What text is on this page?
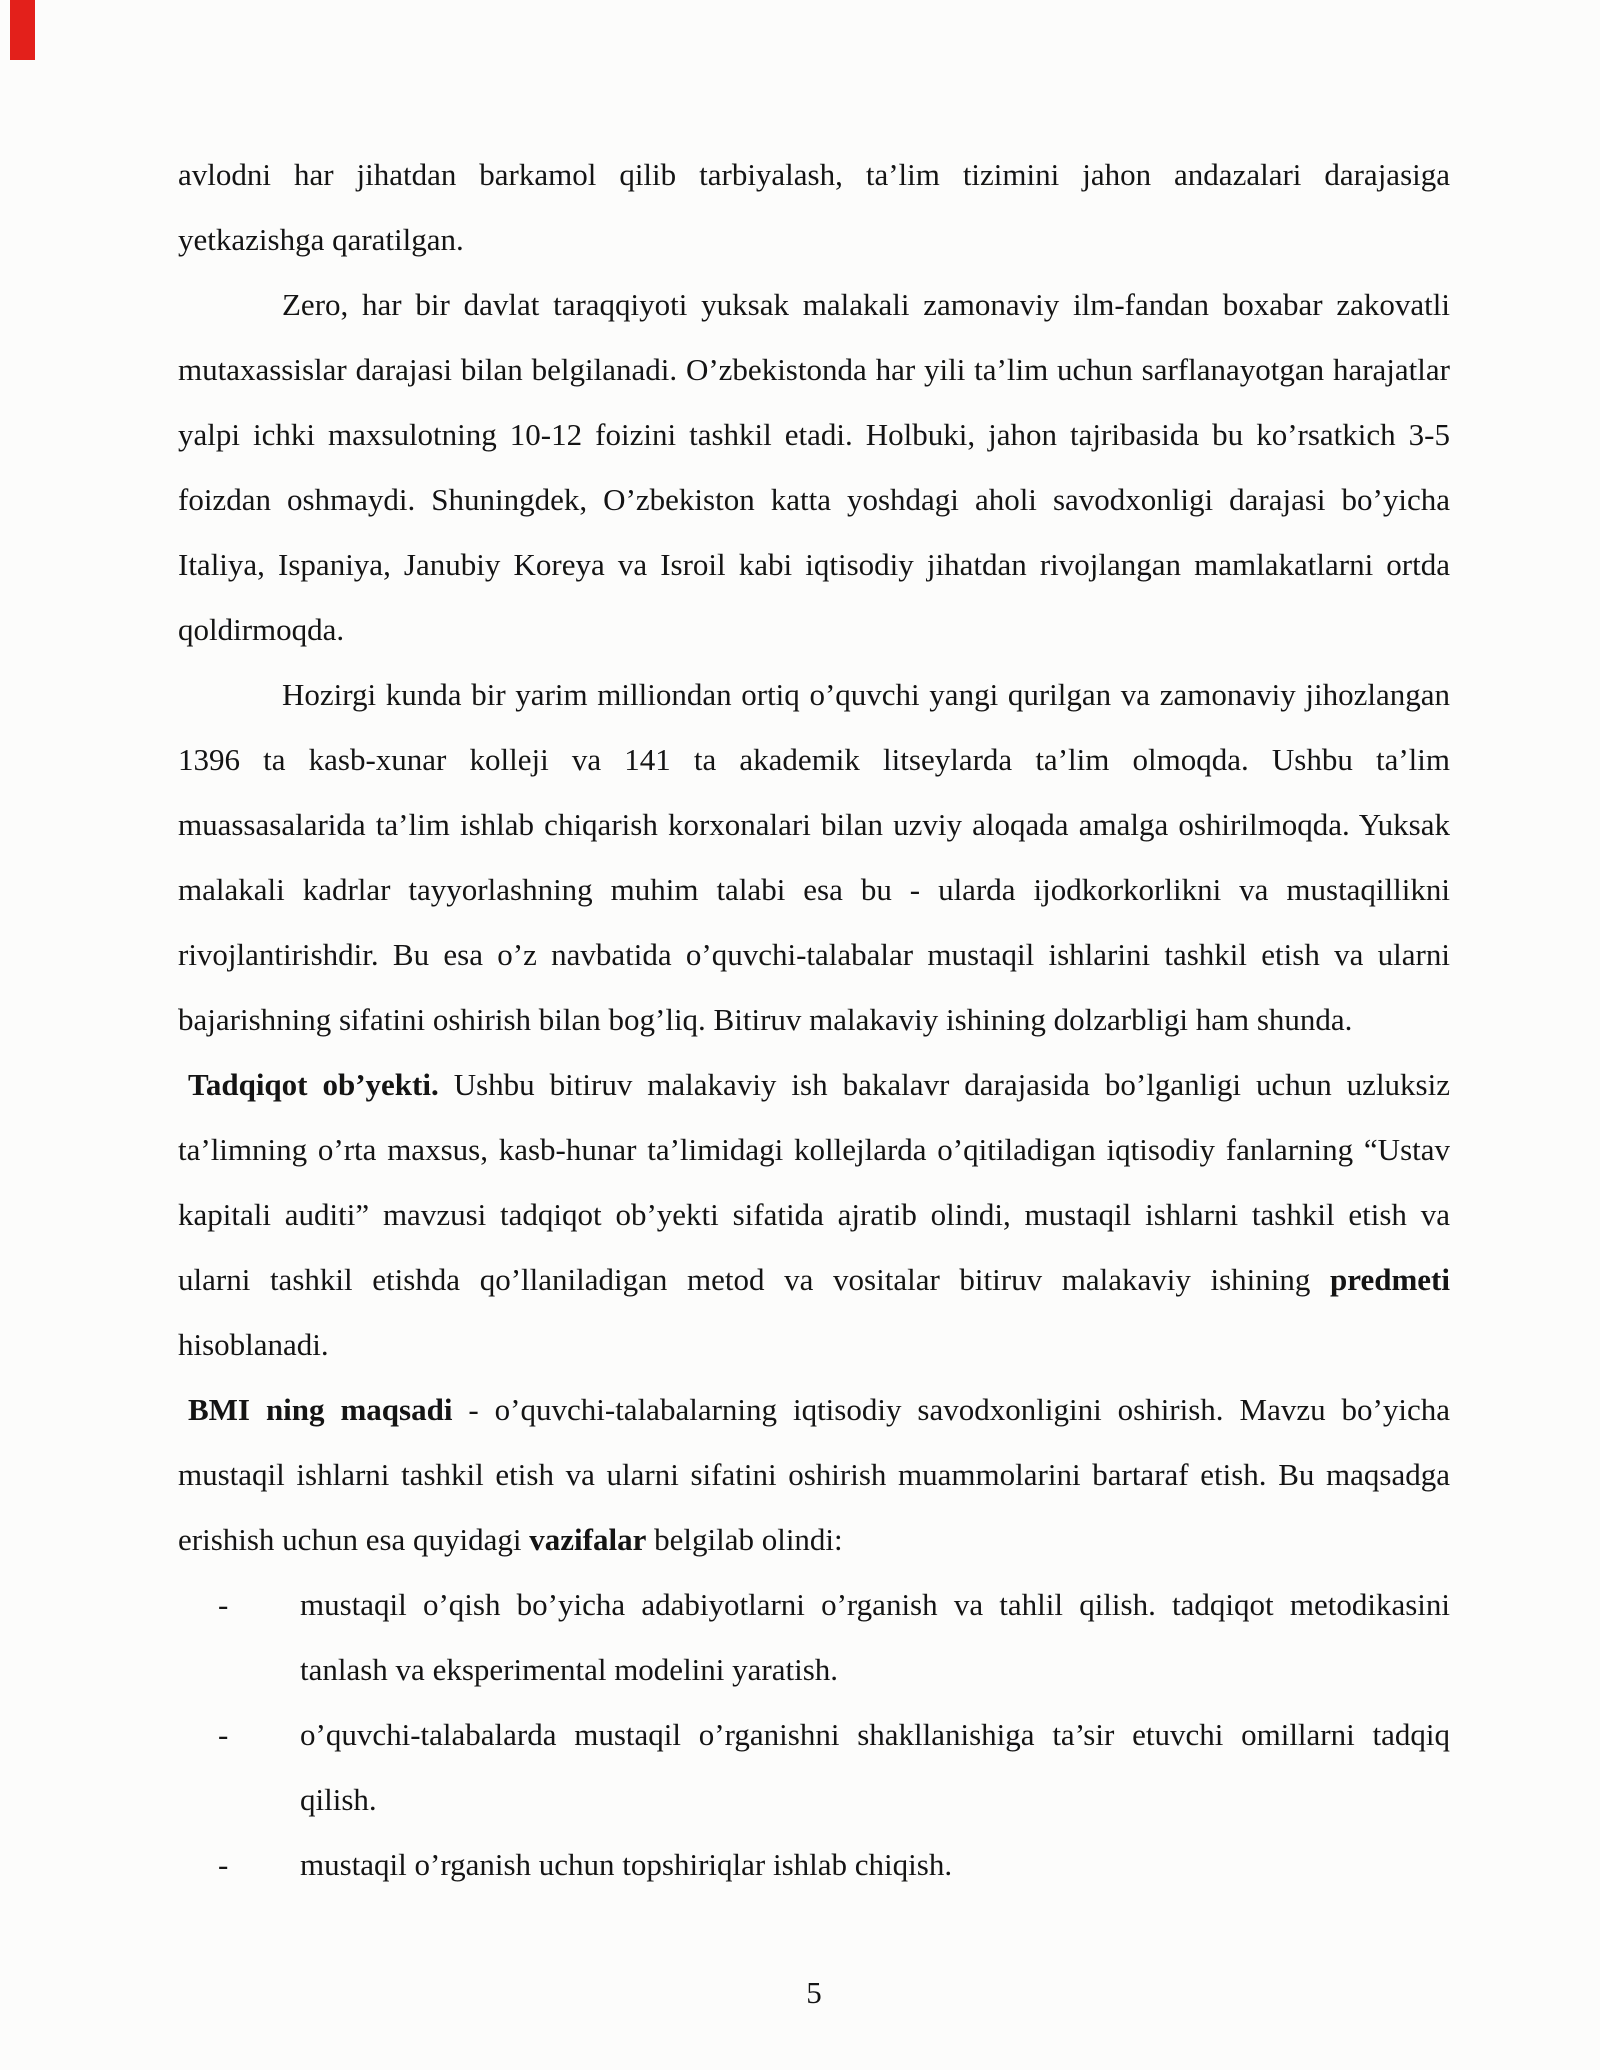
avlodni har jihatdan barkamol qilib tarbiyalash, ta’lim tizimini jahon andazalari darajasiga yetkazishga qaratilgan.
Zero, har bir davlat taraqqiyoti yuksak malakali zamonaviy ilm-fandan boxabar zakovatli mutaxassislar darajasi bilan belgilanadi. O’zbekistonda har yili ta’lim uchun sarflanayotgan harajatlar yalpi ichki maxsulotning 10-12 foizini tashkil etadi. Holbuki, jahon tajribasida bu ko’rsatkich 3-5 foizdan oshmaydi. Shuningdek, O’zbekiston katta yoshdagi aholi savodxonligi darajasi bo’yicha Italiya, Ispaniya, Janubiy Koreya va Isroil kabi iqtisodiy jihatdan rivojlangan mamlakatlarni ortda qoldirmoqda.
Hozirgi kunda bir yarim milliondan ortiq o’quvchi yangi qurilgan va zamonaviy jihozlangan 1396 ta kasb-xunar kolleji va 141 ta akademik litseylarda ta’lim olmoqda. Ushbu ta’lim muassasalarida ta’lim ishlab chiqarish korxonalari bilan uzviy aloqada amalga oshirilmoqda. Yuksak malakali kadrlar tayyorlashning muhim talabi esa bu - ularda ijodkorkorlikni va mustaqillikni rivojlantirishdir. Bu esa o’z navbatida o’quvchi-talabalar mustaqil ishlarini tashkil etish va ularni bajarishning sifatini oshirish bilan bog’liq. Bitiruv malakaviy ishining dolzarbligi ham shunda.
Tadqiqot ob’yekti. Ushbu bitiruv malakaviy ish bakalavr darajasida bo’lganligi uchun uzluksiz ta’limning o’rta maxsus, kasb-hunar ta’limidagi kollejlarda o’qitiladigan iqtisodiy fanlarning “Ustav kapitali auditi” mavzusi tadqiqot ob’yekti sifatida ajratib olindi, mustaqil ishlarni tashkil etish va ularni tashkil etishda qo’llaniladigan metod va vositalar bitiruv malakaviy ishining predmeti hisoblanadi.
BMI ning maqsadi - o’quvchi-talabalarning iqtisodiy savodxonligini oshirish. Mavzu bo’yicha mustaqil ishlarni tashkil etish va ularni sifatini oshirish muammolarini bartaraf etish. Bu maqsadga erishish uchun esa quyidagi vazifalar belgilab olindi:
- mustaqil o’qish bo’yicha adabiyotlarni o’rganish va tahlil qilish. tadqiqot metodikasini tanlash va eksperimental modelini yaratish.
- o’quvchi-talabalarda mustaqil o’rganishni shakllanishiga ta’sir etuvchi omillarni tadqiq qilish.
- mustaqil o’rganish uchun topshiriqlar ishlab chiqish.
5
